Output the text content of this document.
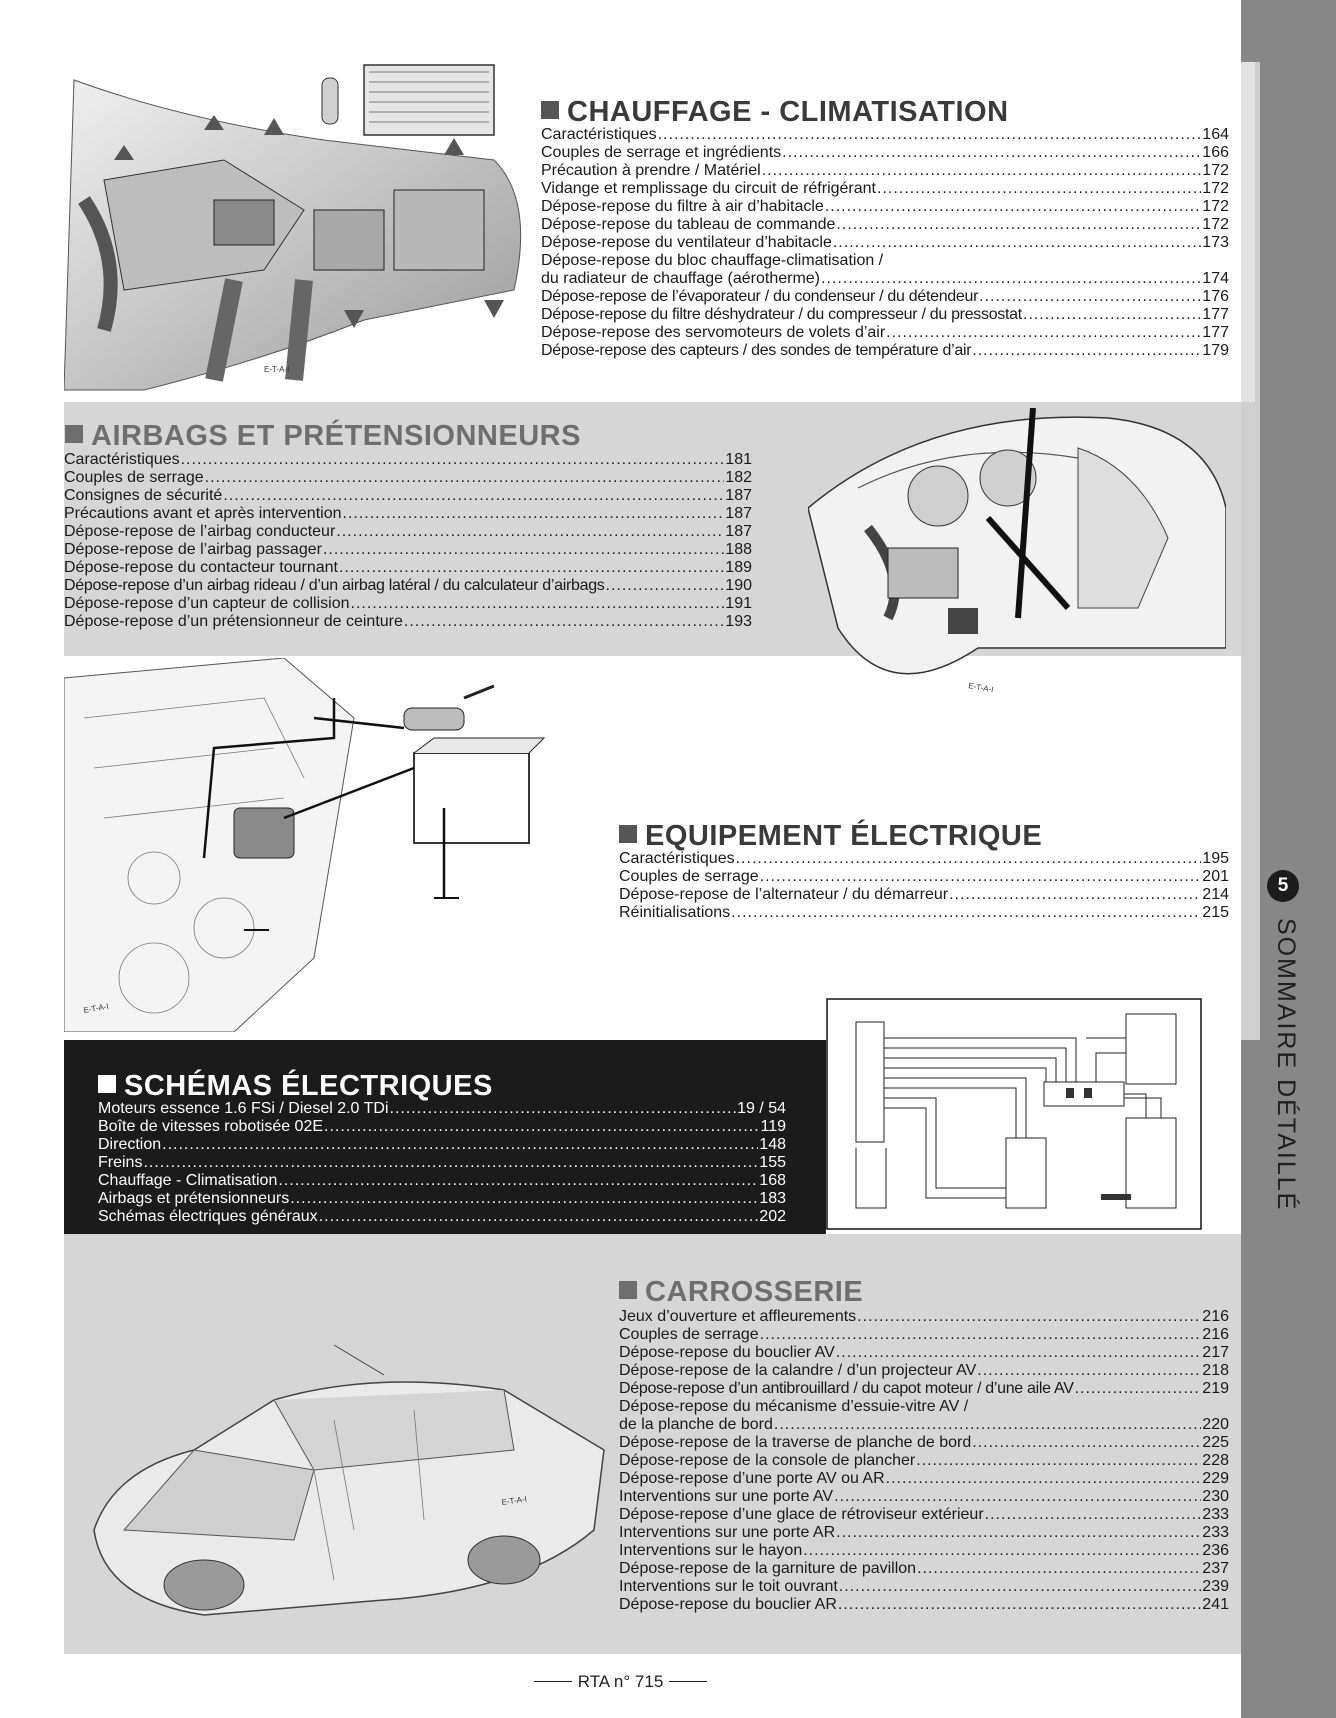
5
SOMMAIRE DÉTAILLÉ
E-T-A-I
E-T-A-I
E-T-A-I
E-T-A-I
CHAUFFAGE - CLIMATISATION
Caractéristiques .....	164
Couples de serrage et ingrédients .....	166
Précaution à prendre / Matériel .....	172
Vidange et remplissage du circuit de réfrigérant .....	172
Dépose-repose du filtre à air d’habitacle .....	172
Dépose-repose du tableau de commande .....	172
Dépose-repose du ventilateur d’habitacle .....	173
Dépose-repose du bloc chauffage-climatisation /
du radiateur de chauffage (aérotherme) .....	174
Dépose-repose de l’évaporateur / du condenseur / du détendeur .....	176
Dépose-repose du filtre déshydrateur / du compresseur / du pressostat .....	177
Dépose-repose des servomoteurs de volets d’air .....	177
Dépose-repose des capteurs / des sondes de température d’air .....	179
AIRBAGS ET PRÉTENSIONNEURS
Caractéristiques .....	181
Couples de serrage .....	182
Consignes de sécurité .....	187
Précautions avant et après intervention .....	187
Dépose-repose de l’airbag conducteur .....	187
Dépose-repose de l’airbag passager .....	188
Dépose-repose du contacteur tournant .....	189
Dépose-repose d’un airbag rideau / d’un airbag latéral / du calculateur d’airbags .....	190
Dépose-repose d’un capteur de collision .....	191
Dépose-repose d’un prétensionneur de ceinture .....	193
EQUIPEMENT ÉLECTRIQUE
Caractéristiques .....	195
Couples de serrage .....	201
Dépose-repose de l’alternateur / du démarreur .....	214
Réinitialisations .....	215
SCHÉMAS ÉLECTRIQUES
Moteurs essence 1.6 FSi / Diesel 2.0 TDi .....	19 / 54
Boîte de vitesses robotisée 02E .....	119
Direction .....	148
Freins .....	155
Chauffage - Climatisation .....	168
Airbags et prétensionneurs .....	183
Schémas électriques généraux .....	202
CARROSSERIE
Jeux d’ouverture et affleurements .....	216
Couples de serrage .....	216
Dépose-repose du bouclier AV .....	217
Dépose-repose de la calandre / d’un projecteur AV .....	218
Dépose-repose d’un antibrouillard / du capot moteur / d’une aile AV .....	219
Dépose-repose du mécanisme d’essuie-vitre AV /
de la planche de bord .....	220
Dépose-repose de la traverse de planche de bord .....	225
Dépose-repose de la console de plancher .....	228
Dépose-repose d’une porte AV ou AR .....	229
Interventions sur une porte AV .....	230
Dépose-repose d’une glace de rétroviseur extérieur .....	233
Interventions sur une porte AR .....	233
Interventions sur le hayon .....	236
Dépose-repose de la garniture de pavillon .....	237
Interventions sur le toit ouvrant .....	239
Dépose-repose du bouclier AR .....	241
RTA n° 715
